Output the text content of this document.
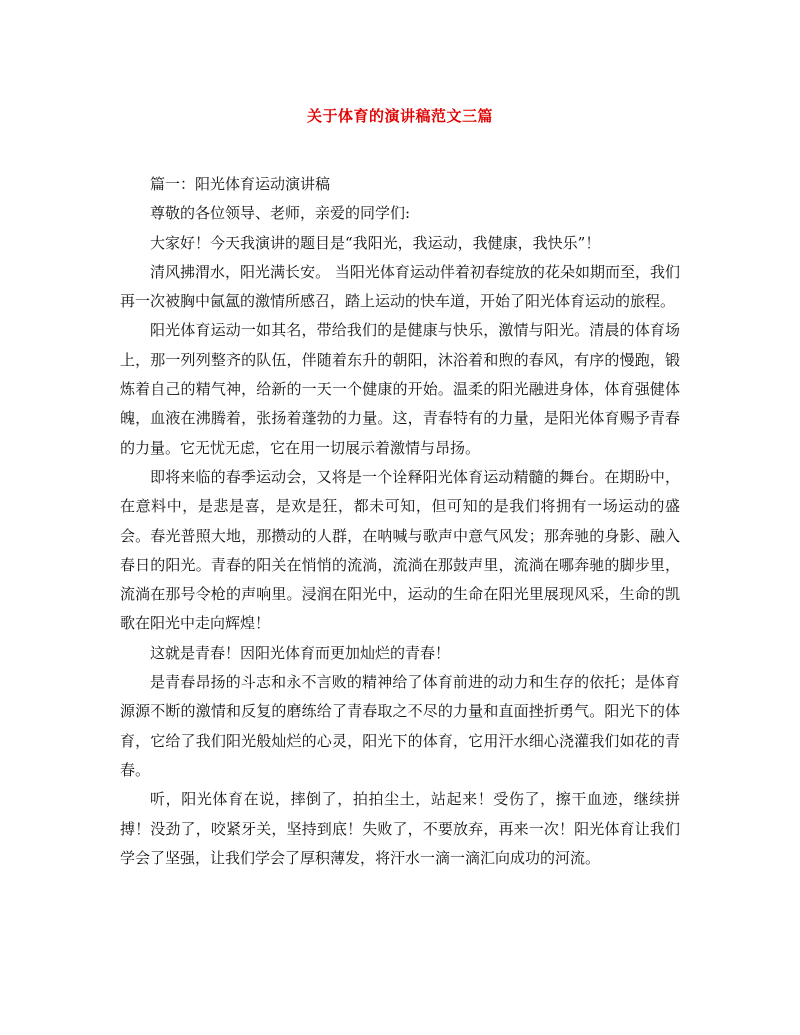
关于体育的演讲稿范文三篇

篇一：阳光体育运动演讲稿

尊敬的各位领导、老师，亲爱的同学们:

大家好！今天我演讲的题目是“我阳光，我运动，我健康，我快乐”！

清风拂渭水，阳光满长安。 当阳光体育运动伴着初春绽放的花朵如期而至，我们再一次被胸中氤氲的激情所感召，踏上运动的快车道，开始了阳光体育运动的旅程。

阳光体育运动一如其名，带给我们的是健康与快乐，激情与阳光。清晨的体育场上，那一列列整齐的队伍，伴随着东升的朝阳，沐浴着和煦的春风，有序的慢跑，锻炼着自己的精气神，给新的一天一个健康的开始。温柔的阳光融进身体，体育强健体魄，血液在沸腾着，张扬着蓬勃的力量。这，青春特有的力量，是阳光体育赐予青春的力量。它无忧无虑，它在用一切展示着激情与昂扬。

即将来临的春季运动会，又将是一个诠释阳光体育运动精髓的舞台。在期盼中，在意料中，是悲是喜，是欢是狂，都未可知，但可知的是我们将拥有一场运动的盛会。春光普照大地，那攒动的人群，在呐喊与歌声中意气风发；那奔驰的身影、融入春日的阳光。青春的阳关在悄悄的流淌，流淌在那鼓声里，流淌在哪奔驰的脚步里，流淌在那号令枪的声响里。浸润在阳光中，运动的生命在阳光里展现风采，生命的凯歌在阳光中走向辉煌！

这就是青春！因阳光体育而更加灿烂的青春！

是青春昂扬的斗志和永不言败的精神给了体育前进的动力和生存的依托；是体育源源不断的激情和反复的磨练给了青春取之不尽的力量和直面挫折勇气。阳光下的体育，它给了我们阳光般灿烂的心灵，阳光下的体育，它用汗水细心浇灌我们如花的青春。

听，阳光体育在说，摔倒了，拍拍尘土，站起来！受伤了，擦干血迹，继续拼搏！没劲了，咬紧牙关，坚持到底！失败了，不要放弃，再来一次！阳光体育让我们学会了坚强，让我们学会了厚积薄发，将汗水一滴一滴汇向成功的河流。
